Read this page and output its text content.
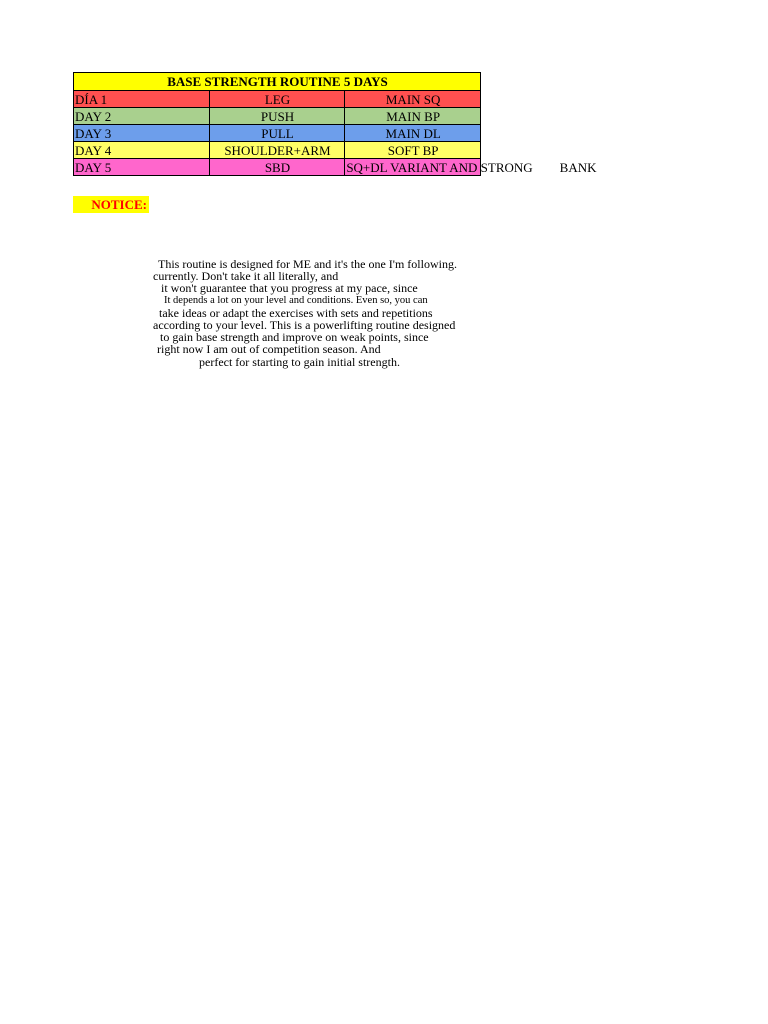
BASE STRENGTH ROUTINE 5 DAYS		
DÍA 1	LEG	MAIN SQ
DAY 2	PUSH	MAIN BP
DAY 3	PULL	MAIN DL
DAY 4	SHOULDER+ARM	SOFT BP
DAY 5	SBD	SQ+DL VARIANT AND STRONG BANK
NOTICE:
This routine is designed for ME and it's the one I'm following.
currently. Don't take it all literally, and
it won't guarantee that you progress at my pace, since
It depends a lot on your level and conditions. Even so, you can
take ideas or adapt the exercises with sets and repetitions
according to your level. This is a powerlifting routine designed
to gain base strength and improve on weak points, since
right now I am out of competition season. And
perfect for starting to gain initial strength.
